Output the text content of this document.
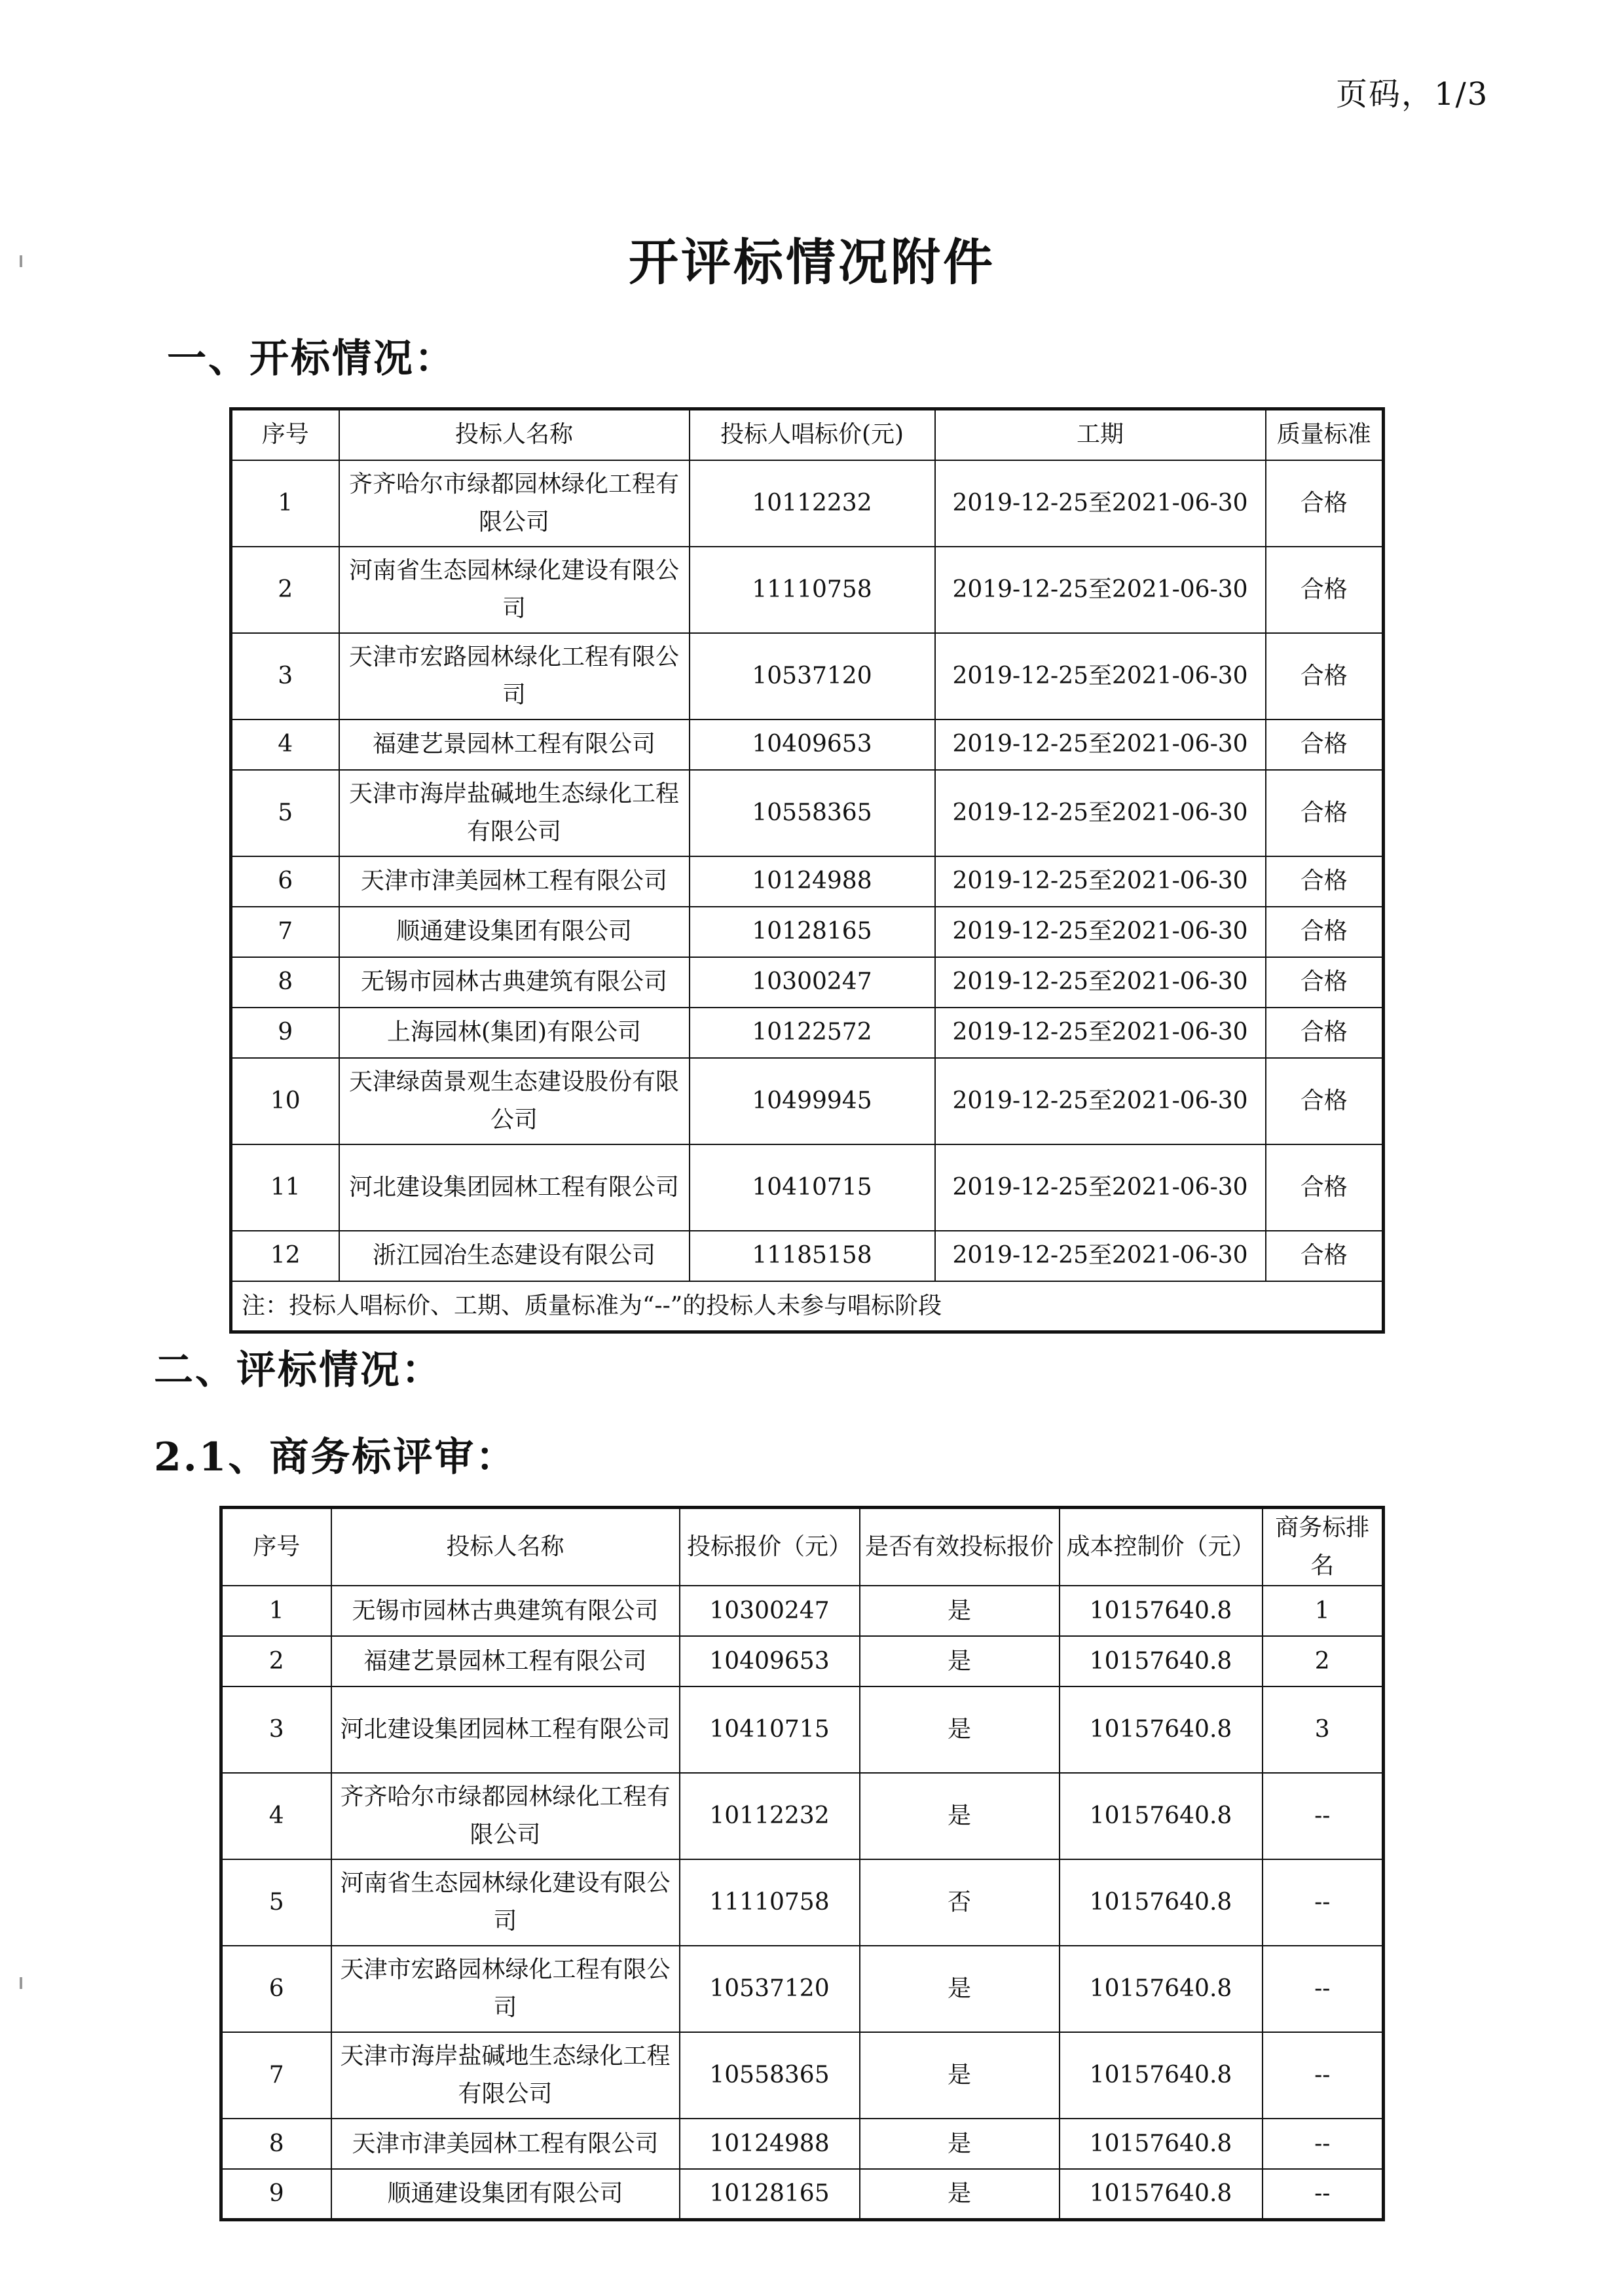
页码，1/3
开评标情况附件
一、开标情况：
序号	投标人名称	投标人唱标价(元)	工期	质量标准
1	齐齐哈尔市绿都园林绿化工程有限公司	10112232	2019-12-25至2021-06-30	合格
2	河南省生态园林绿化建设有限公司	11110758	2019-12-25至2021-06-30	合格
3	天津市宏路园林绿化工程有限公司	10537120	2019-12-25至2021-06-30	合格
4	福建艺景园林工程有限公司	10409653	2019-12-25至2021-06-30	合格
5	天津市海岸盐碱地生态绿化工程有限公司	10558365	2019-12-25至2021-06-30	合格
6	天津市津美园林工程有限公司	10124988	2019-12-25至2021-06-30	合格
7	顺通建设集团有限公司	10128165	2019-12-25至2021-06-30	合格
8	无锡市园林古典建筑有限公司	10300247	2019-12-25至2021-06-30	合格
9	上海园林(集团)有限公司	10122572	2019-12-25至2021-06-30	合格
10	天津绿茵景观生态建设股份有限公司	10499945	2019-12-25至2021-06-30	合格
11	河北建设集团园林工程有限公司	10410715	2019-12-25至2021-06-30	合格
12	浙江园冶生态建设有限公司	11185158	2019-12-25至2021-06-30	合格
注：投标人唱标价、工期、质量标准为“--”的投标人未参与唱标阶段				
二、评标情况：
2.1、商务标评审：
序号	投标人名称	投标报价（元）	是否有效投标报价	成本控制价（元）	商务标排名
1	无锡市园林古典建筑有限公司	10300247	是	10157640.8	1
2	福建艺景园林工程有限公司	10409653	是	10157640.8	2
3	河北建设集团园林工程有限公司	10410715	是	10157640.8	3
4	齐齐哈尔市绿都园林绿化工程有限公司	10112232	是	10157640.8	--
5	河南省生态园林绿化建设有限公司	11110758	否	10157640.8	--
6	天津市宏路园林绿化工程有限公司	10537120	是	10157640.8	--
7	天津市海岸盐碱地生态绿化工程有限公司	10558365	是	10157640.8	--
8	天津市津美园林工程有限公司	10124988	是	10157640.8	--
9	顺通建设集团有限公司	10128165	是	10157640.8	--
